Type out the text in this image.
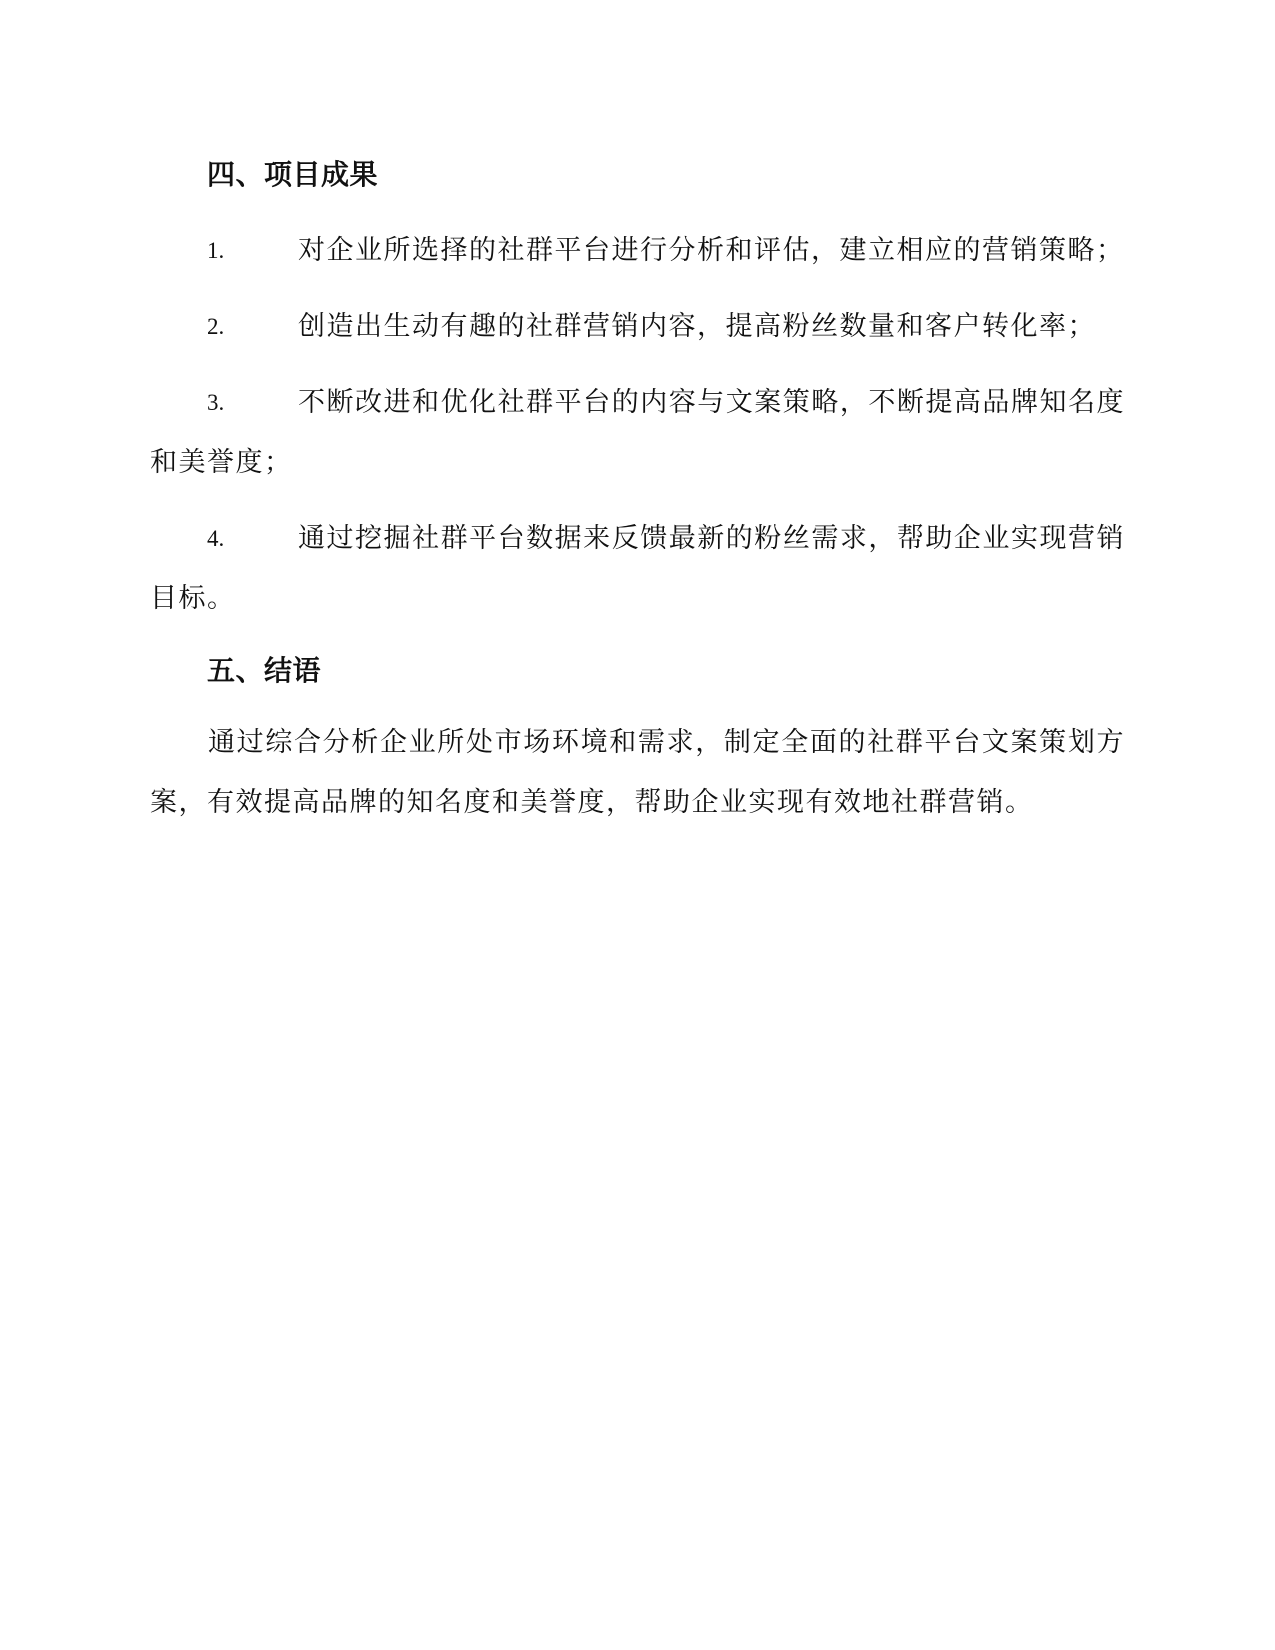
四、项目成果

1.	对企业所选择的社群平台进行分析和评估，建立相应的营销策略；

2.	创造出生动有趣的社群营销内容，提高粉丝数量和客户转化率；

3.	不断改进和优化社群平台的内容与文案策略，不断提高品牌知名度和美誉度；

4.	通过挖掘社群平台数据来反馈最新的粉丝需求，帮助企业实现营销目标。

五、结语

通过综合分析企业所处市场环境和需求，制定全面的社群平台文案策划方案，有效提高品牌的知名度和美誉度，帮助企业实现有效地社群营销。
